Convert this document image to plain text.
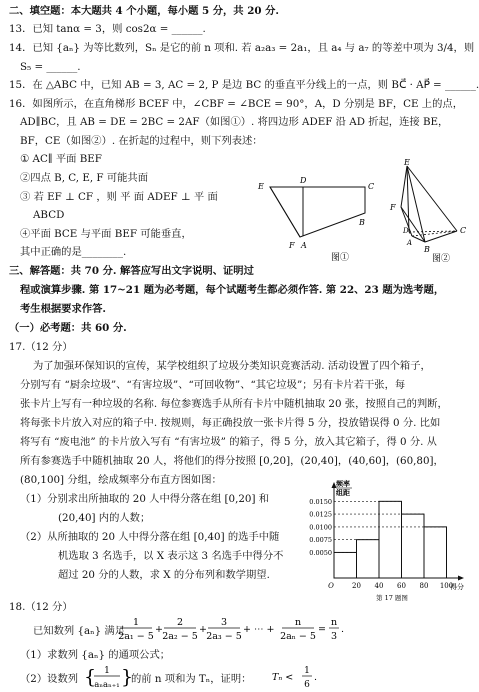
二、填空题：本大题共 4 个小题，每小题 5 分，共 20 分.
13．已知 tanα = 3，则 cos2α = ______.
14．已知 {aₙ} 为等比数列，Sₙ 是它的前 n 项和. 若 a₂a₃ = 2a₁，且 a₄ 与 a₇ 的等差中项为 3/4，则
S₅ = ______.
15．在 △ABC 中，已知 AB = 3, AC = 2, P 是边 BC 的垂直平分线上的一点，则 BC⃗ · AP⃗ = ______.
16．如图所示，在直角梯形 BCEF 中，∠CBF = ∠BCE = 90°，A，D 分别是 BF，CE 上的点，
AD∥BC，且 AB = DE = 2BC = 2AF（如图①）. 将四边形 ADEF 沿 AD 折起，连接 BE，
BF，CE（如图②）. 在折起的过程中，则下列表述：
① AC∥ 平面 BEF
②四点 B, C, E, F 可能共面
③ 若 EF ⊥ CF ，则 平 面 ADEF ⊥ 平 面
ABCD
④平面 BCE 与平面 BEF 可能垂直，
其中正确的是________.
E
D
C
F A
B
图①
E
F
D	C
A
B
图②
三、解答题：共 70 分. 解答应写出文字说明、证明过
程或演算步骤. 第 17~21 题为必考题，每个试题考生都必须作答. 第 22、23 题为选考题，
考生根据要求作答.
（一）必考题：共 60 分.
17.（12 分）
为了加强环保知识的宣传，某学校组织了垃圾分类知识竞赛活动. 活动设置了四个箱子，
分别写有 “厨余垃圾”、“有害垃圾”、“可回收物”、“其它垃圾”；另有卡片若干张，每
张卡片上写有一种垃圾的名称. 每位参赛选手从所有卡片中随机抽取 20 张，按照自己的判断，
将每张卡片放入对应的箱子中. 按规则，每正确投放一张卡片得 5 分，投放错误得 0 分. 比如
将写有 “废电池” 的卡片放入写有 “有害垃圾” 的箱子，得 5 分，放入其它箱子，得 0 分. 从
所有参赛选手中随机抽取 20 人，将他们的得分按照 [0,20]，(20,40]，(40,60]，(60,80]，
(80,100] 分组，绘成频率分布直方图如图：
（1）分别求出所抽取的 20 人中得分落在组 [0,20] 和
(20,40] 内的人数；
（2）从所抽取的 20 人中得分落在组 [0,40] 的选手中随
机选取 3 名选手，以 X 表示这 3 名选手中得分不
超过 20 分的人数，求 X 的分布列和数学期望.
频率
组距
得分
第 17 题图
0.0050
0.0075
0.0100
0.0125
0.0150
O	20 40 60 80 100
18.（12 分）
已知数列 {aₙ} 满足
1
2a₁ − 5
+
2
2a₂ − 5
+
3
2a₃ − 5
+ ⋯ +
n
2aₙ − 5
=
n
3
.
（1）求数列 {aₙ} 的通项公式；
（2）设数列 { 1
aₙaₙ₊₁ }
的前 n 项和为 Tₙ，证明： Tₙ <
1
6
.
